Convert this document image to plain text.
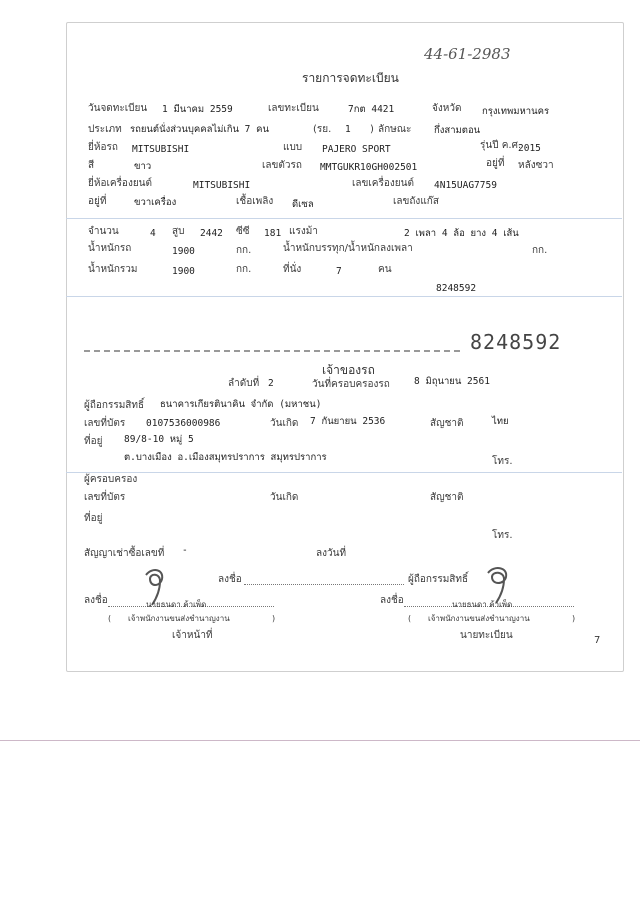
44-61-2983
รายการจดทะเบียน
วันจดทะเบียน 1 มีนาคม 2559	เลขทะเบียน	7กต 4421	จังหวัด กรุงเทพมหานคร
ประเภท รถยนต์นั่งส่วนบุคคลไม่เกิน 7 คน	(รย. 1 ) ลักษณะ กึ่งสามตอน
ยี่ห้อรถ MITSUBISHI	แบบ PAJERO SPORT	รุ่นปี ค.ศ.
2015
สี	ขาว	เลขตัวรถ MMTGUKR10GH002501	อยู่ที่ หลังซวา
ยี่ห้อเครื่องยนต์	MITSUBISHI	เลขเครื่องยนต์ 4N15UAG7759
อยู่ที่	ขวาเครื่อง	เชื้อเพลิง ดีเซล	เลขถังแก๊ส
จำนวน	4 สูบ 2442 ซีซี 181 แรงม้า	2 เพลา 4 ล้อ ยาง 4 เส้น
น้ำหนักรถ	1900	กก.	น้ำหนักบรรทุก/น้ำหนักลงเพลา	กก.
น้ำหนักรวม	1900	กก.	ที่นั่ง	7	คน
8248592
8248592
เจ้าของรถ
ลำดับที่ 2	วันที่ครอบครองรถ	8 มิถุนายน 2561
ผู้ถือกรรมสิทธิ์ ธนาคารเกียรตินาคิน จำกัด (มหาชน)
เลขที่บัตร 0107536000986	วันเกิด 7 กันยายน 2536	สัญชาติ	ไทย
ที่อยู่ 89/8-10 หมู่ 5
ต.บางเมือง อ.เมืองสมุทรปราการ สมุทรปราการ	โทร.
ผู้ครอบครอง
เลขที่บัตร	วันเกิด	สัญชาติ
ที่อยู่
โทร.
สัญญาเช่าซื้อเลขที่ -	ลงวันที่
ลงชื่อ	ผู้ถือกรรมสิทธิ์
ลงชื่อ	นายธนดา ค้าเพ็ด
( เจ้าพนักงานขนส่งชำนาญงาน	)
เจ้าหน้าที่
ลงชื่อ	นายธนดา ค้าเพ็ด
( เจ้าพนักงานขนส่งชำนาญงาน	)
นายทะเบียน	7
